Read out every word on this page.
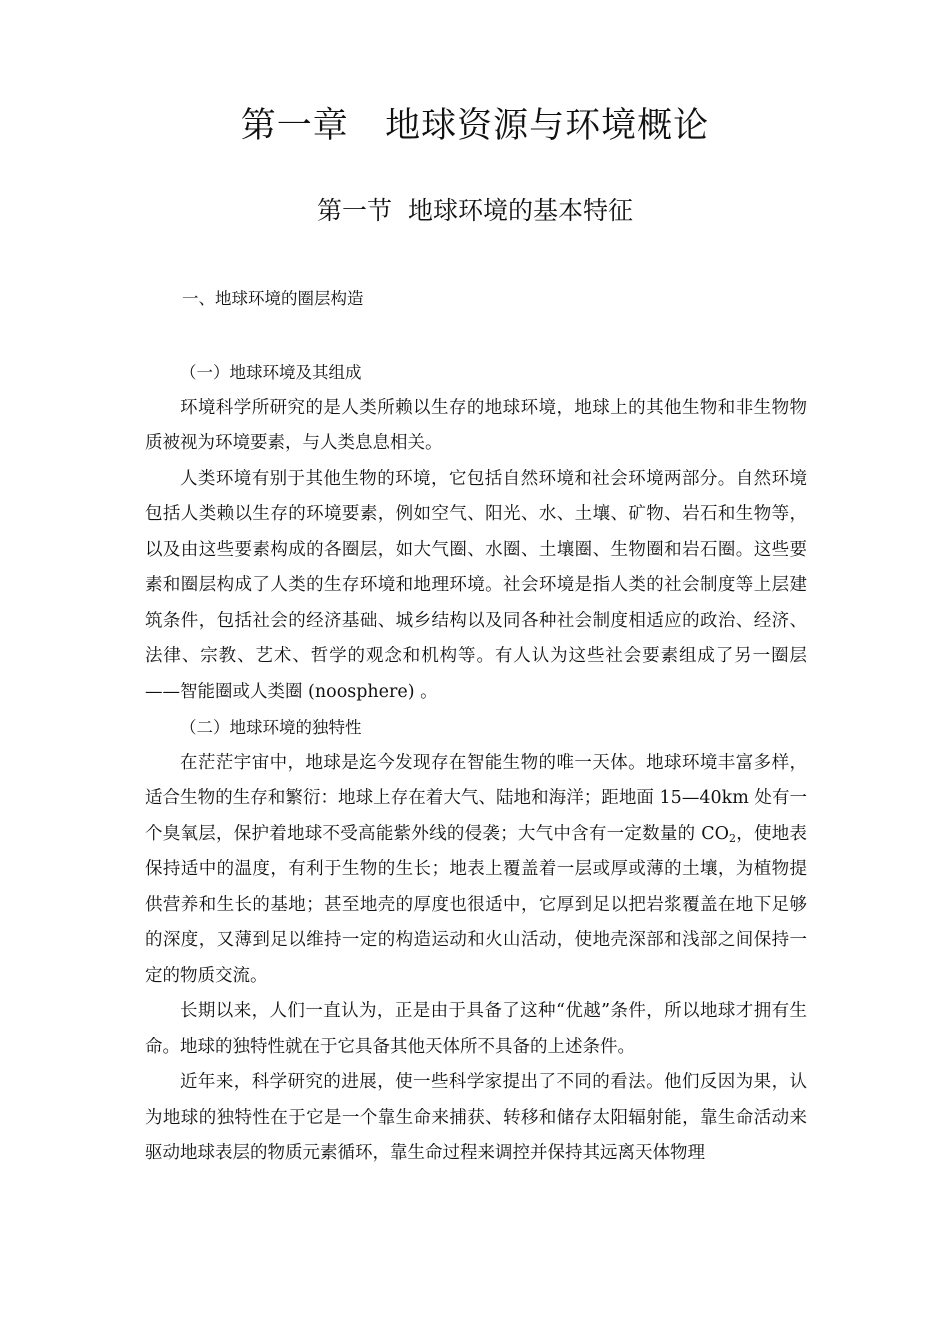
第一章   地球资源与环境概论
第一节  地球环境的基本特征
一、地球环境的圈层构造
（一）地球环境及其组成

环境科学所研究的是人类所赖以生存的地球环境，地球上的其他生物和非生物物质被视为环境要素，与人类息息相关。

人类环境有别于其他生物的环境，它包括自然环境和社会环境两部分。自然环境包括人类赖以生存的环境要素，例如空气、阳光、水、土壤、矿物、岩石和生物等，以及由这些要素构成的各圈层，如大气圈、水圈、土壤圈、生物圈和岩石圈。这些要素和圈层构成了人类的生存环境和地理环境。社会环境是指人类的社会制度等上层建筑条件，包括社会的经济基础、城乡结构以及同各种社会制度相适应的政治、经济、法律、宗教、艺术、哲学的观念和机构等。有人认为这些社会要素组成了另一圈层——智能圈或人类圈 (noosphere) 。

（二）地球环境的独特性

在茫茫宇宙中，地球是迄今发现存在智能生物的唯一天体。地球环境丰富多样，适合生物的生存和繁衍：地球上存在着大气、陆地和海洋；距地面 15—40km 处有一个臭氧层，保护着地球不受高能紫外线的侵袭；大气中含有一定数量的 $CO_2$，使地表保持适中的温度，有利于生物的生长；地表上覆盖着一层或厚或薄的土壤，为植物提供营养和生长的基地；甚至地壳的厚度也很适中，它厚到足以把岩浆覆盖在地下足够的深度，又薄到足以维持一定的构造运动和火山活动，使地壳深部和浅部之间保持一定的物质交流。

长期以来，人们一直认为，正是由于具备了这种“优越”条件，所以地球才拥有生命。地球的独特性就在于它具备其他天体所不具备的上述条件。

近年来，科学研究的进展，使一些科学家提出了不同的看法。他们反因为果，认为地球的独特性在于它是一个靠生命来捕获、转移和储存太阳辐射能，靠生命活动来驱动地球表层的物质元素循环，靠生命过程来调控并保持其远离天体物理
